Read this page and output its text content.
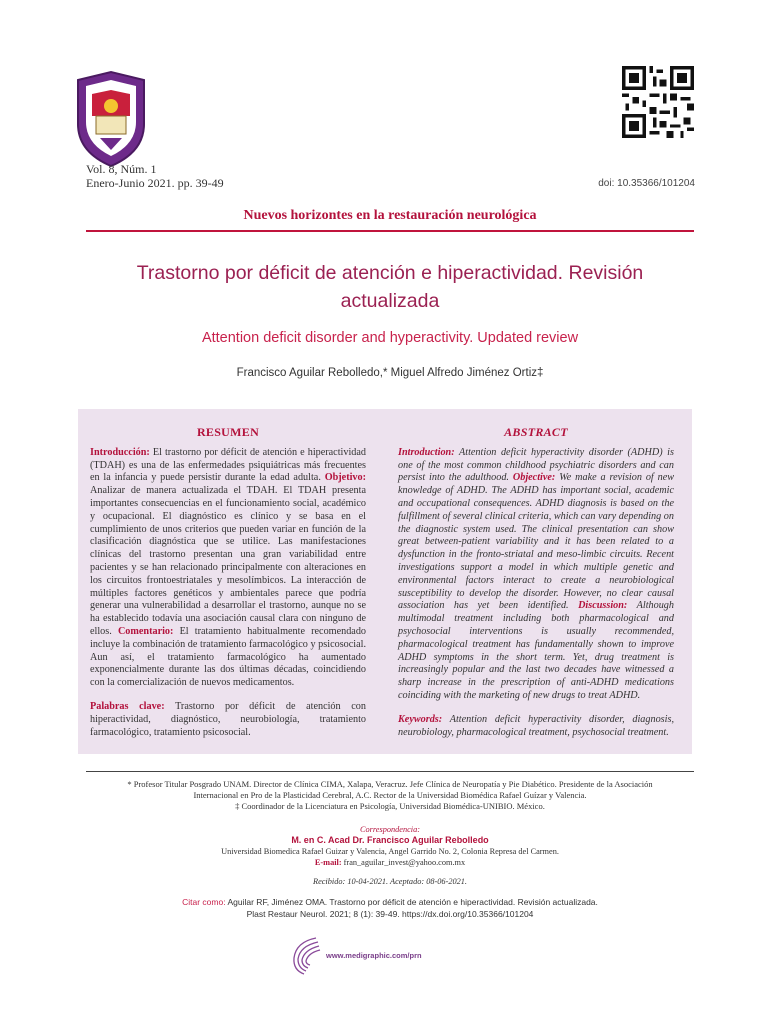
Vol. 8, Núm. 1
Enero-Junio 2021. pp. 39-49	doi: 10.35366/101204
Nuevos horizontes en la restauración neurológica
Trastorno por déficit de atención e hiperactividad. Revisión actualizada
Attention deficit disorder and hyperactivity. Updated review
Francisco Aguilar Rebolledo,* Miguel Alfredo Jiménez Ortiz‡
RESUMEN

Introducción: El trastorno por déficit de atención e hiperactividad (TDAH) es una de las enfermedades psiquiátricas más frecuentes en la infancia y puede persistir durante la edad adulta. Objetivo: Analizar de manera actualizada el TDAH. El TDAH presenta importantes consecuencias en el funcionamiento social, académico y ocupacional. El diagnóstico es clínico y se basa en el cumplimiento de unos criterios que pueden variar en función de la clasificación diagnóstica que se utilice. Las manifestaciones clínicas del trastorno presentan una gran variabilidad entre pacientes y se han relacionado principalmente con alteraciones en los circuitos frontoestriatales y mesolímbicos. La interacción de múltiples factores genéticos y ambientales parece que podría generar una vulnerabilidad a desarrollar el trastorno, aunque no se ha establecido todavía una asociación causal clara con ninguno de ellos. Comentario: El tratamiento habitualmente recomendado incluye la combinación de tratamiento farmacológico y psicosocial. Aun así, el tratamiento farmacológico ha aumentado exponencialmente durante las dos últimas décadas, coincidiendo con la comercialización de nuevos medicamentos.

Palabras clave: Trastorno por déficit de atención con hiperactividad, diagnóstico, neurobiología, tratamiento farmacológico, tratamiento psicosocial.

ABSTRACT

Introduction: Attention deficit hyperactivity disorder (ADHD) is one of the most common childhood psychiatric disorders and can persist into the adulthood. Objective: We make a revision of new knowledge of ADHD. The ADHD has important social, academic and occupational consequences. ADHD diagnosis is based on the fulfillment of several clinical criteria, which can vary depending on the diagnostic system used. The clinical presentation can show great between-patient variability and it has been related to a dysfunction in the fronto-striatal and meso-limbic circuits. Recent investigations support a model in which multiple genetic and environmental factors interact to create a neurobiological susceptibility to develop the disorder. However, no clear causal association has yet been identified. Discussion: Although multimodal treatment including both pharmacological and psychosocial interventions is usually recommended, pharmacological treatment has fundamentally shown to improve ADHD symptoms in the short term. Yet, drug treatment is increasingly popular and the last two decades have witnessed a sharp increase in the prescription of anti-ADHD medications coinciding with the marketing of new drugs to treat ADHD.

Keywords: Attention deficit hyperactivity disorder, diagnosis, neurobiology, pharmacological treatment, psychosocial treatment.

* Profesor Titular Posgrado UNAM. Director de Clínica CIMA, Xalapa, Veracruz. Jefe Clínica de Neuropatía y Pie Diabético. Presidente de la Asociación Internacional en Pro de la Plasticidad Cerebral, A.C. Rector de la Universidad Biomédica Rafael Guízar y Valencia.
‡ Coordinador de la Licenciatura en Psicología, Universidad Biomédica-UNIBIO. México.
Correspondencia:
M. en C. Acad Dr. Francisco Aguilar Rebolledo
Universidad Biomedica Rafael Guizar y Valencia, Angel Garrido No. 2, Colonia Represa del Carmen.
E-mail: fran_aguilar_invest@yahoo.com.mx
Recibido: 10-04-2021. Aceptado: 08-06-2021.
Citar como: Aguilar RF, Jiménez OMA. Trastorno por déficit de atención e hiperactividad. Revisión actualizada.
Plast Restaur Neurol. 2021; 8 (1): 39-49. https://dx.doi.org/10.35366/101204
www.medigraphic.com/prn
